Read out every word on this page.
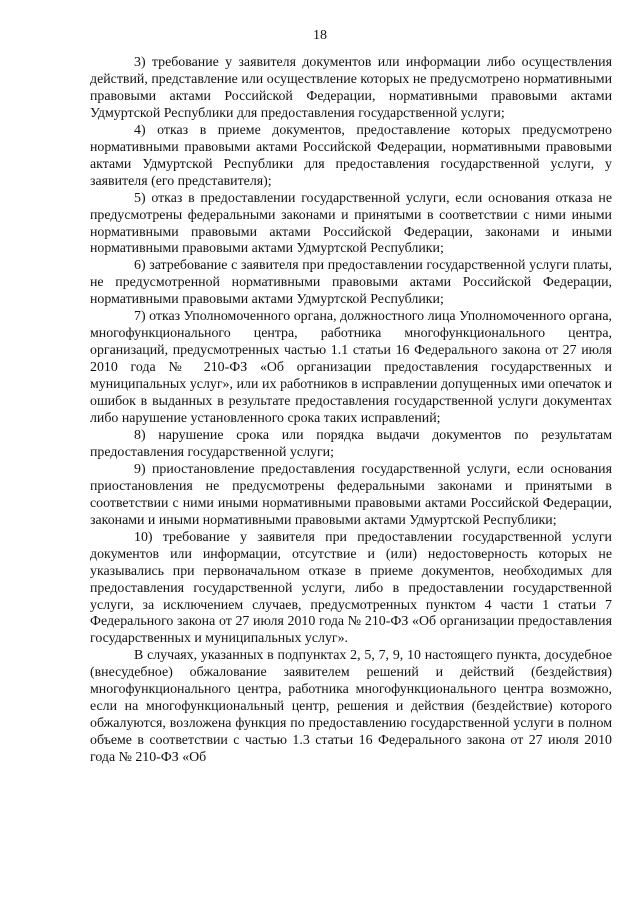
18

3) требование у заявителя документов или информации либо осуществления действий, представление или осуществление которых не предусмотрено нормативными правовыми актами Российской Федерации, нормативными правовыми актами Удмуртской Республики для предоставления государственной услуги;

4) отказ в приеме документов, предоставление которых предусмотрено нормативными правовыми актами Российской Федерации, нормативными правовыми актами Удмуртской Республики для предоставления государственной услуги, у заявителя (его представителя);

5) отказ в предоставлении государственной услуги, если основания отказа не предусмотрены федеральными законами и принятыми в соответствии с ними иными нормативными правовыми актами Российской Федерации, законами и иными нормативными правовыми актами Удмуртской Республики;

6) затребование с заявителя при предоставлении государственной услуги платы, не предусмотренной нормативными правовыми актами Российской Федерации, нормативными правовыми актами Удмуртской Республики;

7) отказ Уполномоченного органа, должностного лица Уполномоченного органа, многофункционального центра, работника многофункционального центра, организаций, предусмотренных частью 1.1 статьи 16 Федерального закона от 27 июля 2010 года № 210-ФЗ «Об организации предоставления государственных и муниципальных услуг», или их работников в исправлении допущенных ими опечаток и ошибок в выданных в результате предоставления государственной услуги документах либо нарушение установленного срока таких исправлений;

8) нарушение срока или порядка выдачи документов по результатам предоставления государственной услуги;

9) приостановление предоставления государственной услуги, если основания приостановления не предусмотрены федеральными законами и принятыми в соответствии с ними иными нормативными правовыми актами Российской Федерации, законами и иными нормативными правовыми актами Удмуртской Республики;

10) требование у заявителя при предоставлении государственной услуги документов или информации, отсутствие и (или) недостоверность которых не указывались при первоначальном отказе в приеме документов, необходимых для предоставления государственной услуги, либо в предоставлении государственной услуги, за исключением случаев, предусмотренных пунктом 4 части 1 статьи 7 Федерального закона от 27 июля 2010 года № 210-ФЗ «Об организации предоставления государственных и муниципальных услуг».

В случаях, указанных в подпунктах 2, 5, 7, 9, 10 настоящего пункта, досудебное (внесудебное) обжалование заявителем решений и действий (бездействия) многофункционального центра, работника многофункционального центра возможно, если на многофункциональный центр, решения и действия (бездействие) которого обжалуются, возложена функция по предоставлению государственной услуги в полном объеме в соответствии с частью 1.3 статьи 16 Федерального закона от 27 июля 2010 года № 210-ФЗ «Об
